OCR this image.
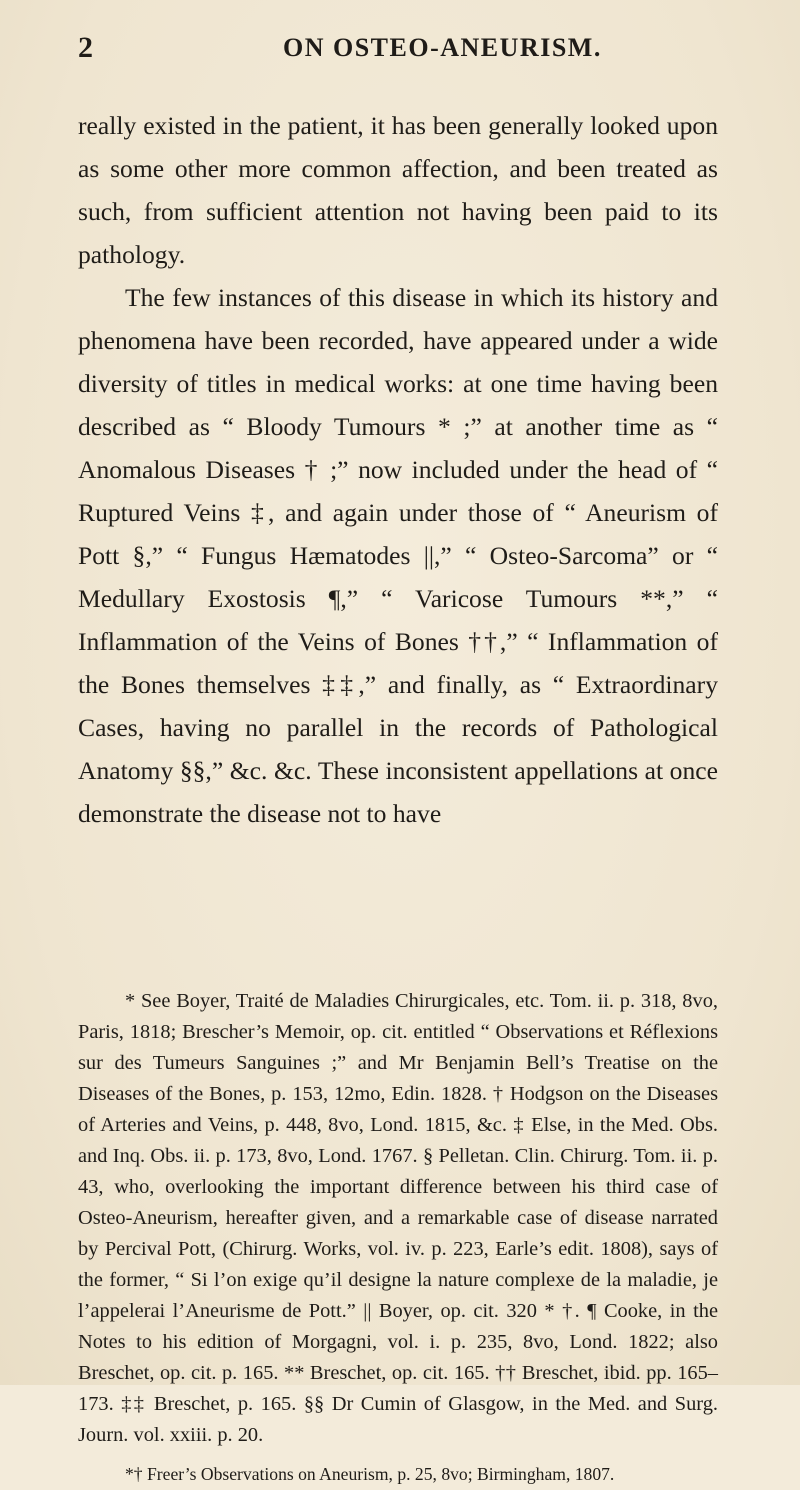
2	ON OSTEO-ANEURISM.

really existed in the patient, it has been generally looked upon as some other more common affection, and been treated as such, from sufficient attention not having been paid to its pathology.

The few instances of this disease in which its history and phenomena have been recorded, have appeared under a wide diversity of titles in medical works: at one time having been described as “ Bloody Tumours * ;” at another time as “ Anomalous Diseases † ;” now included under the head of “ Ruptured Veins ‡, and again under those of “ Aneurism of Pott §,” “ Fungus Hæmatodes ||,” “ Osteo-Sarcoma” or “ Medullary Exostosis ¶,” “ Varicose Tumours **,” “ Inflammation of the Veins of Bones ††,” “ Inflammation of the Bones themselves ‡‡,” and finally, as “ Extraordinary Cases, having no parallel in the records of Pathological Anatomy §§,” &c. &c. These inconsistent appellations at once demonstrate the disease not to have

* See Boyer, Traité de Maladies Chirurgicales, etc. Tom. ii. p. 318, 8vo, Paris, 1818; Brescher’s Memoir, op. cit. entitled “ Observations et Réflexions sur des Tumeurs Sanguines ;” and Mr Benjamin Bell’s Treatise on the Diseases of the Bones, p. 153, 12mo, Edin. 1828. † Hodgson on the Diseases of Arteries and Veins, p. 448, 8vo, Lond. 1815, &c. ‡ Else, in the Med. Obs. and Inq. Obs. ii. p. 173, 8vo, Lond. 1767. § Pelletan. Clin. Chirurg. Tom. ii. p. 43, who, overlooking the important difference between his third case of Osteo-Aneurism, hereafter given, and a remarkable case of disease narrated by Percival Pott, (Chirurg. Works, vol. iv. p. 223, Earle’s edit. 1808), says of the former, “ Si l’on exige qu’il designe la nature complexe de la maladie, je l’appelerai l’Aneurisme de Pott.” || Boyer, op. cit. 320 * †. ¶ Cooke, in the Notes to his edition of Morgagni, vol. i. p. 235, 8vo, Lond. 1822; also Breschet, op. cit. p. 165. ** Breschet, op. cit. 165. †† Breschet, ibid. pp. 165–173. ‡‡ Breschet, p. 165. §§ Dr Cumin of Glasgow, in the Med. and Surg. Journ. vol. xxiii. p. 20.

*† Freer’s Observations on Aneurism, p. 25, 8vo; Birmingham, 1807.
